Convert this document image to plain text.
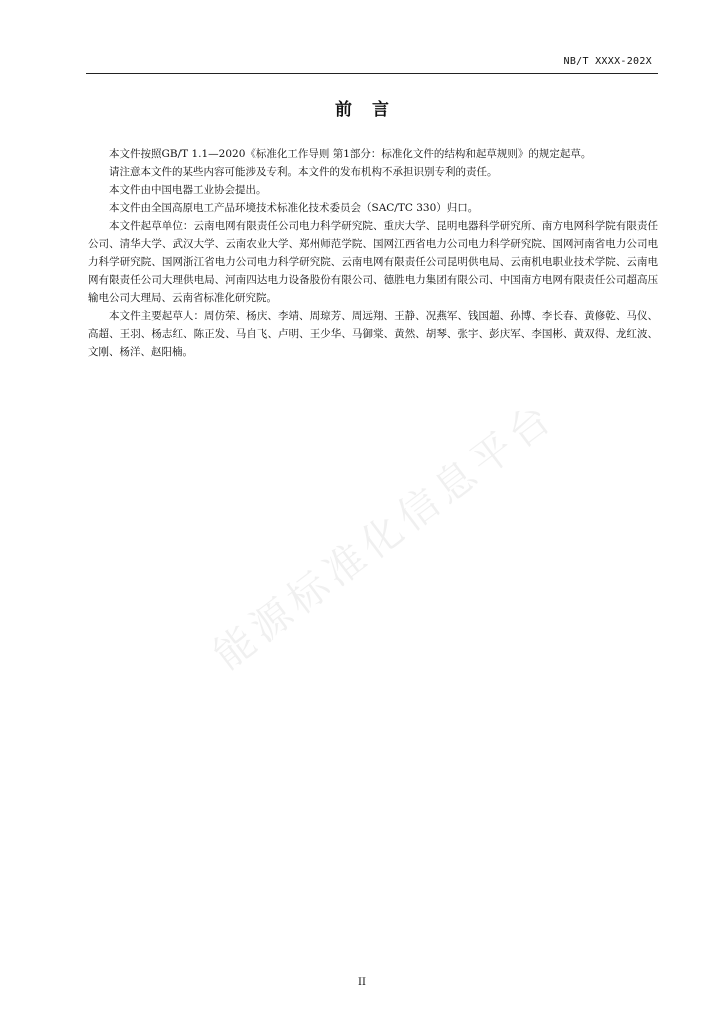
NB/T XXXX-202X
前言

本文件按照GB/T 1.1—2020《标准化工作导则 第1部分：标准化文件的结构和起草规则》的规定起草。

请注意本文件的某些内容可能涉及专利。本文件的发布机构不承担识别专利的责任。

本文件由中国电器工业协会提出。

本文件由全国高原电工产品环境技术标准化技术委员会（SAC/TC 330）归口。

本文件起草单位：云南电网有限责任公司电力科学研究院、重庆大学、昆明电器科学研究所、南方电网科学院有限责任公司、清华大学、武汉大学、云南农业大学、郑州师范学院、国网江西省电力公司电力科学研究院、国网河南省电力公司电力科学研究院、国网浙江省电力公司电力科学研究院、云南电网有限责任公司昆明供电局、云南机电职业技术学院、云南电网有限责任公司大理供电局、河南四达电力设备股份有限公司、德胜电力集团有限公司、中国南方电网有限责任公司超高压输电公司大理局、云南省标准化研究院。

本文件主要起草人：周仿荣、杨庆、李靖、周琼芳、周远翔、王静、况燕军、钱国超、孙博、李长春、黄修乾、马仪、高超、王羽、杨志红、陈正发、马自飞、卢明、王少华、马御棠、黄然、胡琴、张宇、彭庆军、李国彬、黄双得、龙红波、文刚、杨洋、赵阳楠。

能源标准化信息平台
II
